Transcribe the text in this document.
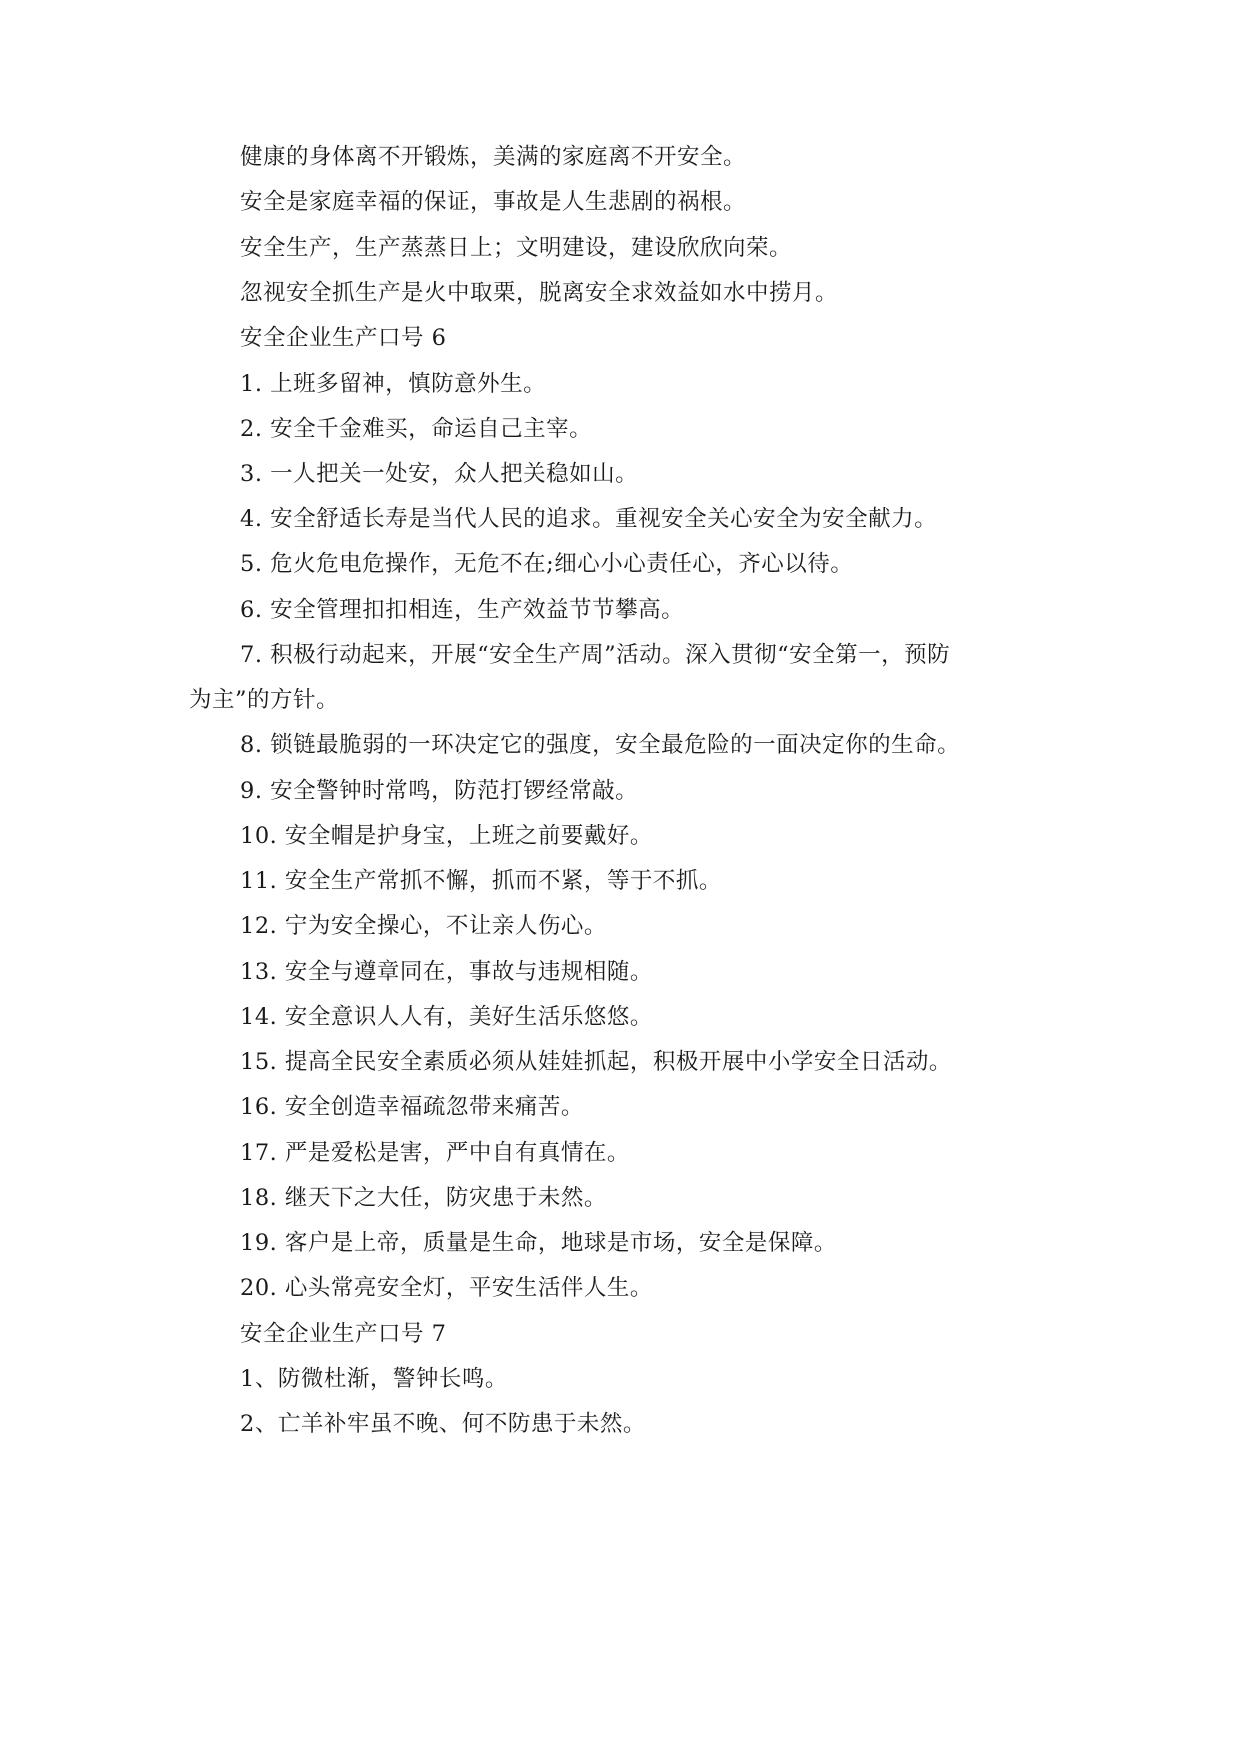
健康的身体离不开锻炼，美满的家庭离不开安全。
安全是家庭幸福的保证，事故是人生悲剧的祸根。
安全生产，生产蒸蒸日上；文明建设，建设欣欣向荣。
忽视安全抓生产是火中取栗，脱离安全求效益如水中捞月。
安全企业生产口号 6
1. 上班多留神，慎防意外生。
2. 安全千金难买，命运自己主宰。
3. 一人把关一处安，众人把关稳如山。
4. 安全舒适长寿是当代人民的追求。重视安全关心安全为安全献力。
5. 危火危电危操作，无危不在;细心小心责任心，齐心以待。
6. 安全管理扣扣相连，生产效益节节攀高。
7. 积极行动起来，开展“安全生产周”活动。深入贯彻“安全第一，预防
为主”的方针。
8. 锁链最脆弱的一环决定它的强度，安全最危险的一面决定你的生命。
9. 安全警钟时常鸣，防范打锣经常敲。
10. 安全帽是护身宝，上班之前要戴好。
11. 安全生产常抓不懈，抓而不紧，等于不抓。
12. 宁为安全操心，不让亲人伤心。
13. 安全与遵章同在，事故与违规相随。
14. 安全意识人人有，美好生活乐悠悠。
15. 提高全民安全素质必须从娃娃抓起，积极开展中小学安全日活动。
16. 安全创造幸福疏忽带来痛苦。
17. 严是爱松是害，严中自有真情在。
18. 继天下之大任，防灾患于未然。
19. 客户是上帝，质量是生命，地球是市场，安全是保障。
20. 心头常亮安全灯，平安生活伴人生。
安全企业生产口号 7
1、防微杜渐，警钟长鸣。
2、亡羊补牢虽不晚、何不防患于未然。
